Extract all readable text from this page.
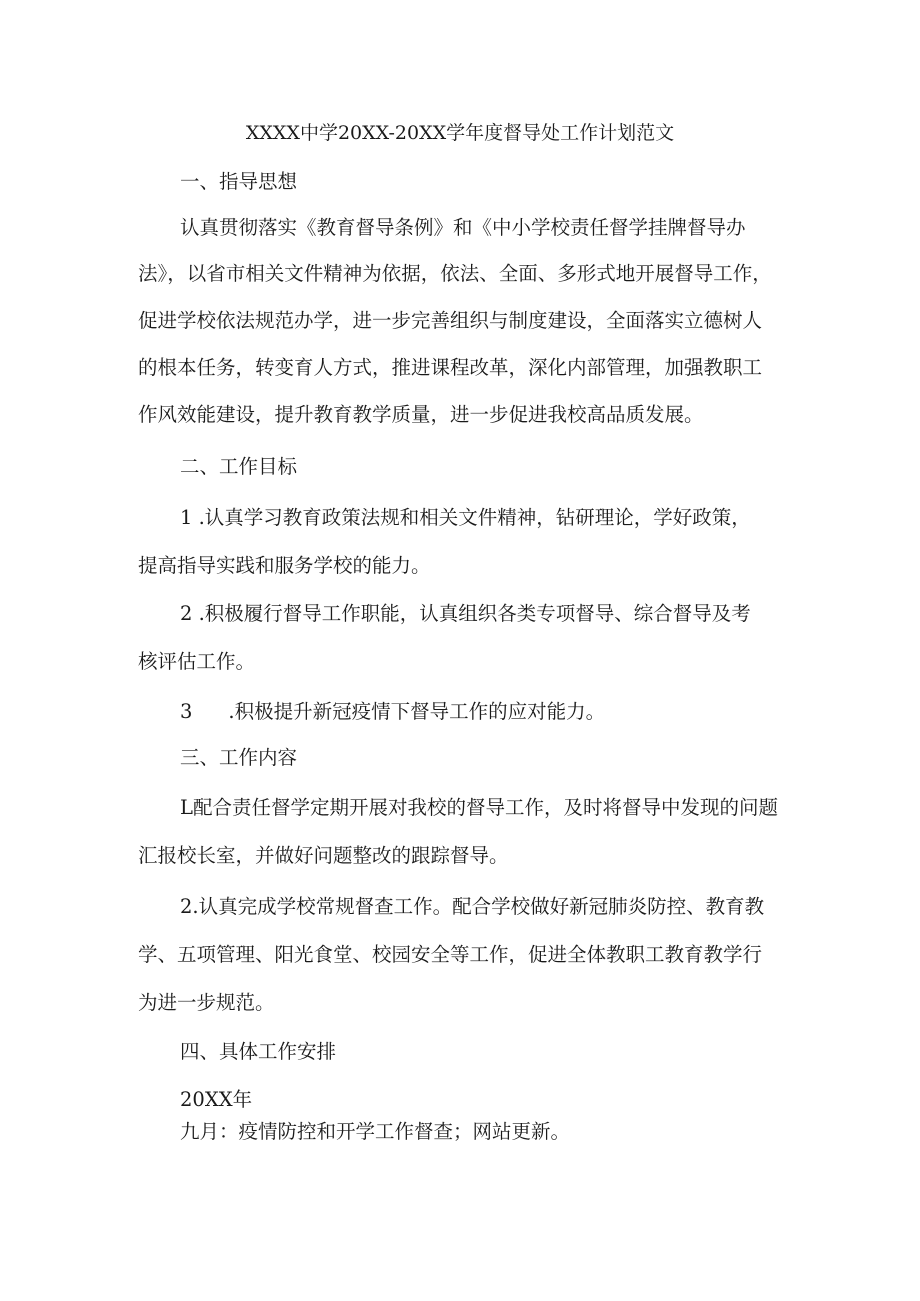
XXXX中学20XX-20XX学年度督导处工作计划范文

一、指导思想

认真贯彻落实《教育督导条例》和《中小学校责任督学挂牌督导办

法》，以省市相关文件精神为依据，依法、全面、多形式地开展督导工作，

促进学校依法规范办学，进一步完善组织与制度建设，全面落实立德树人

的根本任务，转变育人方式，推进课程改革，深化内部管理，加强教职工

作风效能建设，提升教育教学质量，进一步促进我校高品质发展。

二、工作目标

1 .认真学习教育政策法规和相关文件精神，钻研理论，学好政策，

提高指导实践和服务学校的能力。

2 .积极履行督导工作职能，认真组织各类专项督导、综合督导及考

核评估工作。

3 .积极提升新冠疫情下督导工作的应对能力。

三、工作内容

L配合责任督学定期开展对我校的督导工作，及时将督导中发现的问题

汇报校长室，并做好问题整改的跟踪督导。

2.认真完成学校常规督查工作。配合学校做好新冠肺炎防控、教育教

学、五项管理、阳光食堂、校园安全等工作，促进全体教职工教育教学行

为进一步规范。

四、具体工作安排

20XX年

九月：疫情防控和开学工作督查；网站更新。
